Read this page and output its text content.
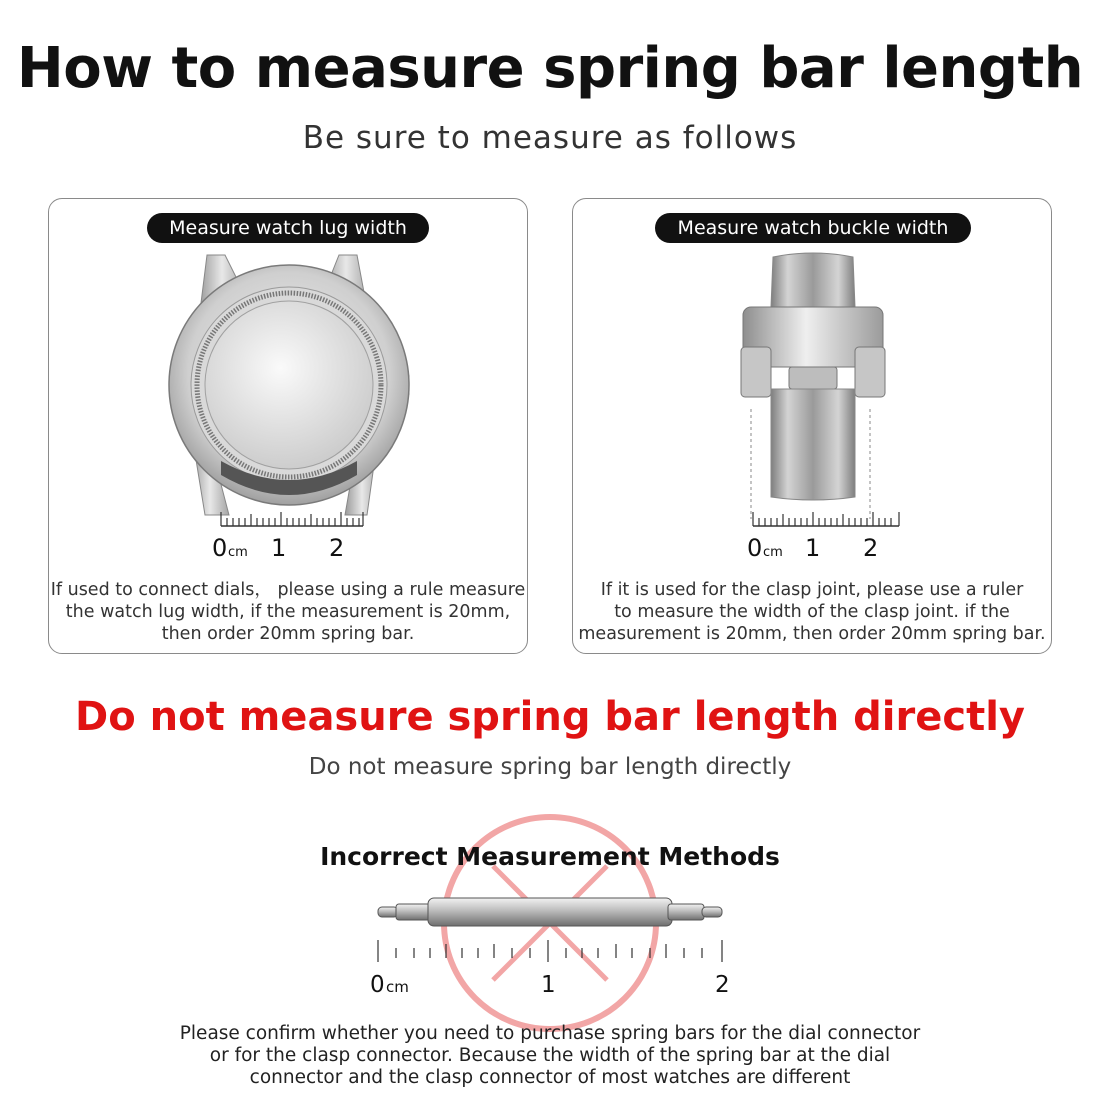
How to measure spring bar length
Be sure to measure as follows
Measure watch lug width
0 cm 1 2
If used to connect dials， please using a rule measure
the watch lug width, if the measurement is 20mm,
then order 20mm spring bar.
Measure watch buckle width
0 cm 1 2
If it is used for the clasp joint, please use a ruler
to measure the width of the clasp joint. if the
measurement is 20mm, then order 20mm spring bar.
Do not measure spring bar length directly
Do not measure spring bar length directly
Incorrect Measurement Methods
0 cm	1	2
Please confirm whether you need to purchase spring bars for the dial connector
or for the clasp connector. Because the width of the spring bar at the dial
connector and the clasp connector of most watches are different
